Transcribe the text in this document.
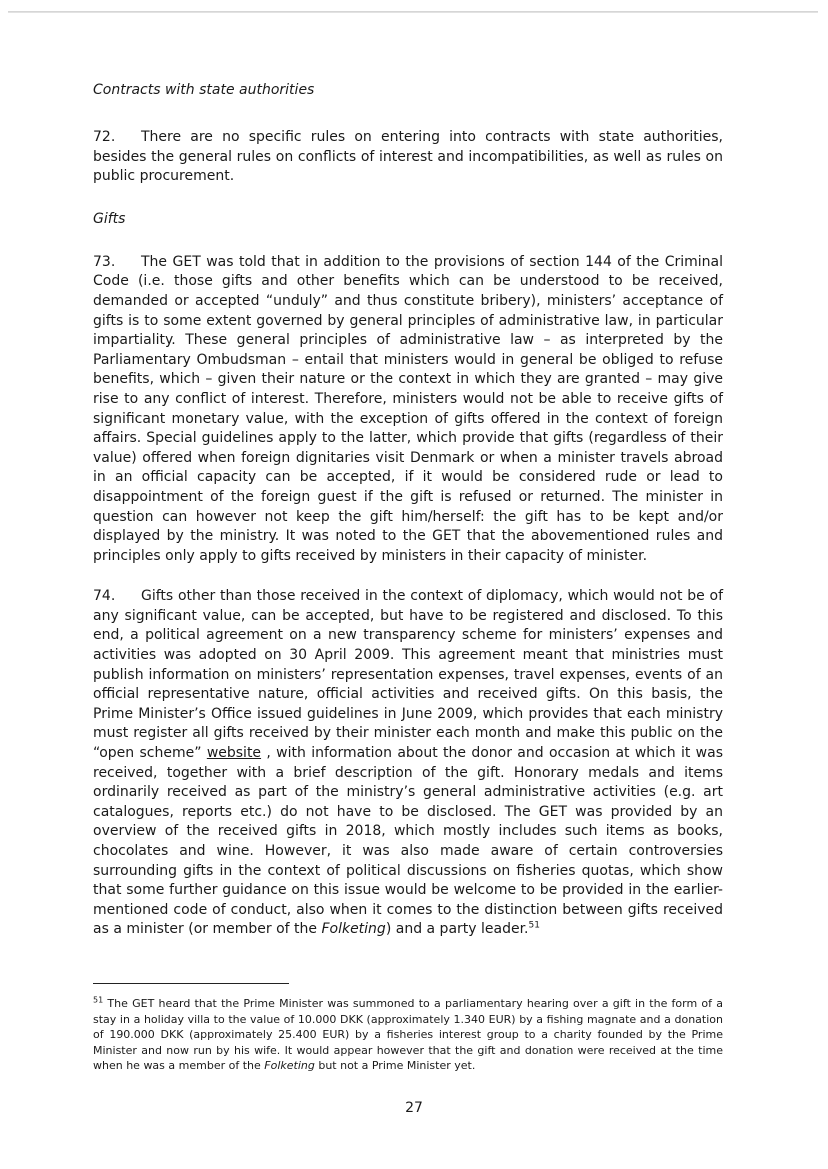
Contracts with state authorities

72. There are no specific rules on entering into contracts with state authorities, besides the general rules on conflicts of interest and incompatibilities, as well as rules on public procurement.

Gifts

73. The GET was told that in addition to the provisions of section 144 of the Criminal Code (i.e. those gifts and other benefits which can be understood to be received, demanded or accepted “unduly” and thus constitute bribery), ministers’ acceptance of gifts is to some extent governed by general principles of administrative law, in particular impartiality. These general principles of administrative law – as interpreted by the Parliamentary Ombudsman – entail that ministers would in general be obliged to refuse benefits, which – given their nature or the context in which they are granted – may give rise to any conflict of interest. Therefore, ministers would not be able to receive gifts of significant monetary value, with the exception of gifts offered in the context of foreign affairs. Special guidelines apply to the latter, which provide that gifts (regardless of their value) offered when foreign dignitaries visit Denmark or when a minister travels abroad in an official capacity can be accepted, if it would be considered rude or lead to disappointment of the foreign guest if the gift is refused or returned. The minister in question can however not keep the gift him/herself: the gift has to be kept and/or displayed by the ministry. It was noted to the GET that the abovementioned rules and principles only apply to gifts received by ministers in their capacity of minister.

74. Gifts other than those received in the context of diplomacy, which would not be of any significant value, can be accepted, but have to be registered and disclosed. To this end, a political agreement on a new transparency scheme for ministers’ expenses and activities was adopted on 30 April 2009. This agreement meant that ministries must publish information on ministers’ representation expenses, travel expenses, events of an official representative nature, official activities and received gifts. On this basis, the Prime Minister’s Office issued guidelines in June 2009, which provides that each ministry must register all gifts received by their minister each month and make this public on the “open scheme” website , with information about the donor and occasion at which it was received, together with a brief description of the gift. Honorary medals and items ordinarily received as part of the ministry’s general administrative activities (e.g. art catalogues, reports etc.) do not have to be disclosed. The GET was provided by an overview of the received gifts in 2018, which mostly includes such items as books, chocolates and wine. However, it was also made aware of certain controversies surrounding gifts in the context of political discussions on fisheries quotas, which show that some further guidance on this issue would be welcome to be provided in the earlier-mentioned code of conduct, also when it comes to the distinction between gifts received as a minister (or member of the Folketing) and a party leader.$^{51}$

$^{51}$ The GET heard that the Prime Minister was summoned to a parliamentary hearing over a gift in the form of a stay in a holiday villa to the value of 10.000 DKK (approximately 1.340 EUR) by a fishing magnate and a donation of 190.000 DKK (approximately 25.400 EUR) by a fisheries interest group to a charity founded by the Prime Minister and now run by his wife. It would appear however that the gift and donation were received at the time when he was a member of the Folketing but not a Prime Minister yet.

27
